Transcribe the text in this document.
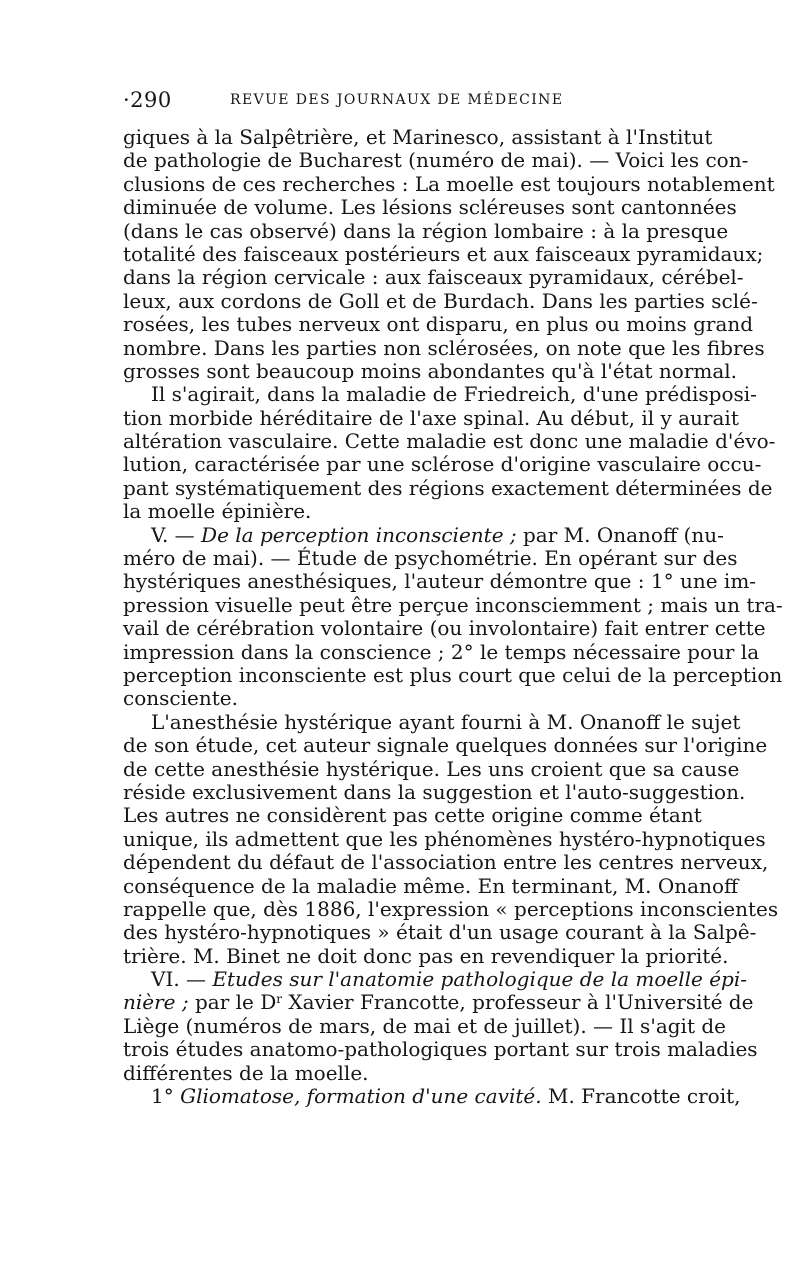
·290	REVUE DES JOURNAUX DE MÉDECINE
giques à la Salpêtrière, et Marinesco, assistant à l'Institut
de pathologie de Bucharest (numéro de mai). — Voici les con-
clusions de ces recherches : La moelle est toujours notablement
diminuée de volume. Les lésions scléreuses sont cantonnées
(dans le cas observé) dans la région lombaire : à la presque
totalité des faisceaux postérieurs et aux faisceaux pyramidaux;
dans la région cervicale : aux faisceaux pyramidaux, cérébel-
leux, aux cordons de Goll et de Burdach. Dans les parties sclé-
rosées, les tubes nerveux ont disparu, en plus ou moins grand
nombre. Dans les parties non sclérosées, on note que les fibres
grosses sont beaucoup moins abondantes qu'à l'état normal.
Il s'agirait, dans la maladie de Friedreich, d'une prédisposi-
tion morbide héréditaire de l'axe spinal. Au début, il y aurait
altération vasculaire. Cette maladie est donc une maladie d'évo-
lution, caractérisée par une sclérose d'origine vasculaire occu-
pant systématiquement des régions exactement déterminées de
la moelle épinière.
V. — De la perception inconsciente ; par M. Onanoff (nu-
méro de mai). — Étude de psychométrie. En opérant sur des
hystériques anesthésiques, l'auteur démontre que : 1° une im-
pression visuelle peut être perçue inconsciemment ; mais un tra-
vail de cérébration volontaire (ou involontaire) fait entrer cette
impression dans la conscience ; 2° le temps nécessaire pour la
perception inconsciente est plus court que celui de la perception
consciente.
L'anesthésie hystérique ayant fourni à M. Onanoff le sujet
de son étude, cet auteur signale quelques données sur l'origine
de cette anesthésie hystérique. Les uns croient que sa cause
réside exclusivement dans la suggestion et l'auto-suggestion.
Les autres ne considèrent pas cette origine comme étant
unique, ils admettent que les phénomènes hystéro-hypnotiques
dépendent du défaut de l'association entre les centres nerveux,
conséquence de la maladie même. En terminant, M. Onanoff
rappelle que, dès 1886, l'expression « perceptions inconscientes
des hystéro-hypnotiques » était d'un usage courant à la Salpê-
trière. M. Binet ne doit donc pas en revendiquer la priorité.
VI. — Etudes sur l'anatomie pathologique de la moelle épi-
nière ; par le $D^r$ Xavier Francotte, professeur à l'Université de
Liège (numéros de mars, de mai et de juillet). — Il s'agit de
trois études anatomo-pathologiques portant sur trois maladies
différentes de la moelle.
1° Gliomatose, formation d'une cavité. M. Francotte croit,
